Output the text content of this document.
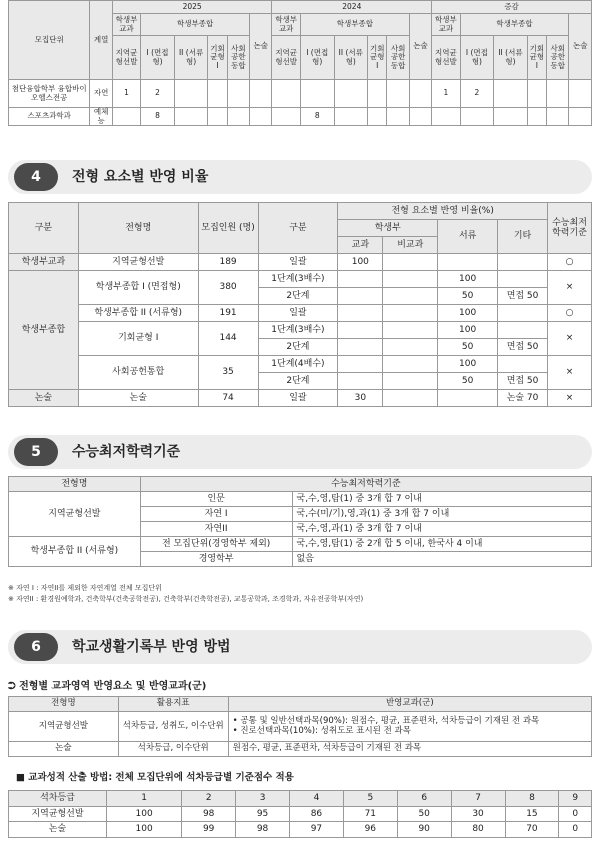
모집단위	계열	2025						2024						증감					
		학생부교과	학생부종합				논술	학생부교과	학생부종합				논술	학생부교과	학생부종합				논술
		지역균형선발	I (면접형)	II (서류형)	기회균형 I	사회공한동합		지역균형선발	I (면접형)	II (서류형)	기회균형 I	사회공한동합		지역균형선발	I (면접형)	II (서류형)	기회균형 I	사회공한동합	
첨단융합학부 융합바이오헬스전공	자연	1	2											1	2				
스포츠과학과	예체능		8						8										
4	전형 요소별 반영 비율
구분	전형명	모집인원 (명)	구분	전형 요소별 반영 비율(%)				수능최저 학력기준
				학생부		서류	기타	
				교과	비교과			
학생부교과	지역균형선발	189	일괄	100				○
학생부종합	학생부종합 I (면접형)	380	1단계(3배수)			100		×
			2단계			50	면접 50	
	학생부종합 II (서류형)	191	일괄			100		○
	기회균형 I	144	1단계(3배수)			100		×
			2단계			50	면접 50	
	사회공헌통합	35	1단계(4배수)			100		×
			2단계			50	면접 50	
논술	논술	74	일괄	30			논술 70	×
5	수능최저학력기준
전형명	수능최저학력기준	
지역균형선발	인문	국,수,영,탐(1) 중 3개 합 7 이내
	자연 I	국,수(미/기),영,과(1) 중 3개 합 7 이내
	자연II	국,수,영,과(1) 중 3개 합 7 이내
학생부종합 II (서류형)	전 모집단위(경영학부 제외)	국,수,영,탐(1) 중 2개 합 5 이내, 한국사 4 이내
	경영학부	없음
※ 자연 I : 자연II를 제외한 자연계열 전체 모집단위
※ 자연II : 환경원예학과, 건축학부(건축공학전공), 건축학부(건축학전공), 교통공학과, 조경학과, 자유전공학부(자연)
6	학교생활기록부 반영 방법
⮊ 전형별 교과영역 반영요소 및 반영교과(군)
전형명	활용지표	반영교과(군)
지역균형선발	석차등급, 성취도, 이수단위	• 공통 및 일반선택과목(90%): 원점수, 평균, 표준편차, 석차등급이 기재된 전 과목
• 진로선택과목(10%): 성취도로 표시된 전 과목

논술	석차등급, 이수단위	원점수, 평균, 표준편차, 석차등급이 기재된 전 과목
■ 교과성적 산출 방법: 전체 모집단위에 석차등급별 기준점수 적용
석차등급	1	2	3	4	5	6	7	8	9
지역균형선발	100	98	95	86	71	50	30	15	0
논술	100	99	98	97	96	90	80	70	0
